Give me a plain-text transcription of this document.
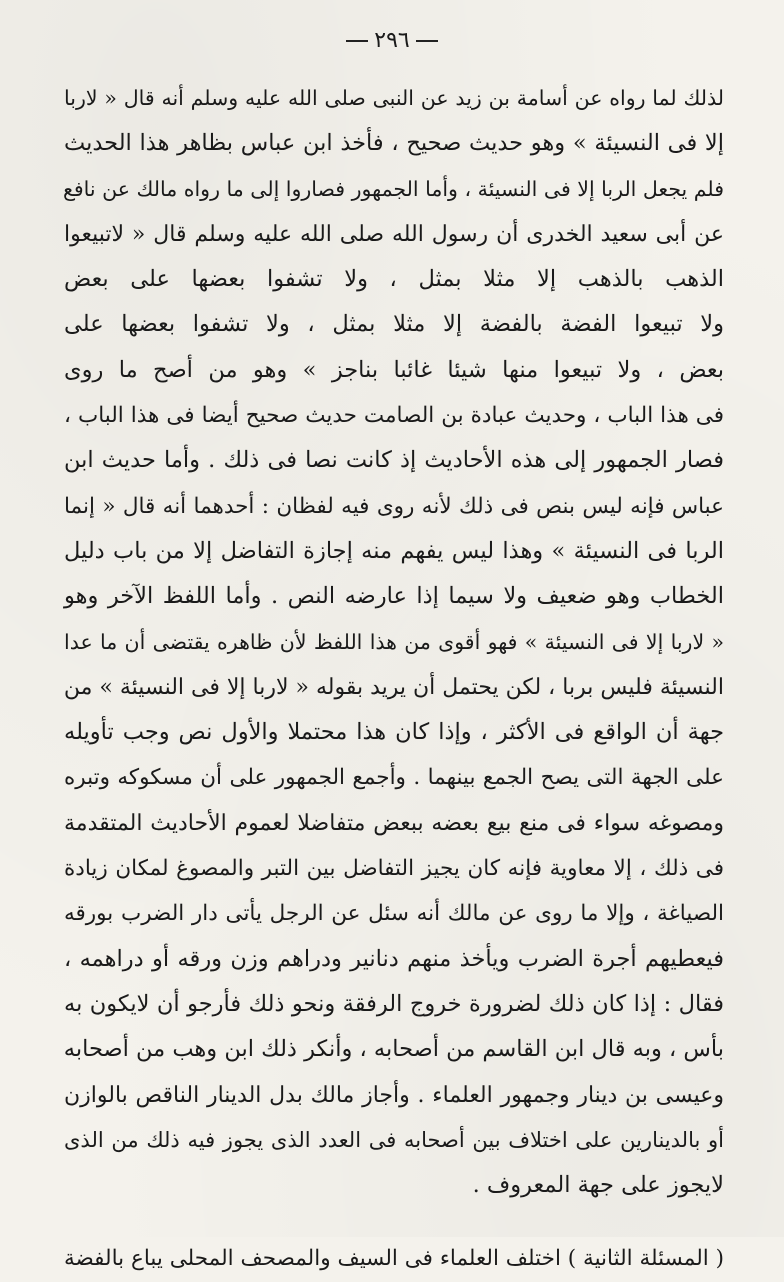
٢٩٦
لذلك لما رواه عن أسامة بن زيد عن النبى صلى الله عليه وسلم أنه قال « لاربا
إلا فى النسيئة » وهو حديث صحيح ، فأخذ ابن عباس بظاهر هذا الحديث
فلم يجعل الربا إلا فى النسيئة ، وأما الجمهور فصاروا إلى ما رواه مالك عن نافع
عن أبى سعيد الخدرى أن رسول الله صلى الله عليه وسلم قال « لاتبيعوا
الذهب بالذهب إلا مثلا بمثل ، ولا تشفوا بعضها على بعض
ولا تبيعوا الفضة بالفضة إلا مثلا بمثل ، ولا تشفوا بعضها على
بعض ، ولا تبيعوا منها شيئا غائبا بناجز » وهو من أصح ما روى
فى هذا الباب ، وحديث عبادة بن الصامت حديث صحيح أيضا فى هذا الباب ،
فصار الجمهور إلى هذه الأحاديث إذ كانت نصا فى ذلك . وأما حديث ابن
عباس فإنه ليس بنص فى ذلك لأنه روى فيه لفظان : أحدهما أنه قال « إنما
الربا فى النسيئة » وهذا ليس يفهم منه إجازة التفاضل إلا من باب دليل
الخطاب وهو ضعيف ولا سيما إذا عارضه النص . وأما اللفظ الآخر وهو
« لاربا إلا فى النسيئة » فهو أقوى من هذا اللفظ لأن ظاهره يقتضى أن ما عدا
النسيئة فليس بربا ، لكن يحتمل أن يريد بقوله « لاربا إلا فى النسيئة » من
جهة أن الواقع فى الأكثر ، وإذا كان هذا محتملا والأول نص وجب تأويله
على الجهة التى يصح الجمع بينهما . وأجمع الجمهور على أن مسكوكه وتبره
ومصوغه سواء فى منع بيع بعضه ببعض متفاضلا لعموم الأحاديث المتقدمة
فى ذلك ، إلا معاوية فإنه كان يجيز التفاضل بين التبر والمصوغ لمكان زيادة
الصياغة ، وإلا ما روى عن مالك أنه سئل عن الرجل يأتى دار الضرب بورقه
فيعطيهم أجرة الضرب ويأخذ منهم دنانير ودراهم وزن ورقه أو دراهمه ،
فقال : إذا كان ذلك لضرورة خروج الرفقة ونحو ذلك فأرجو أن لايكون به
بأس ، وبه قال ابن القاسم من أصحابه ، وأنكر ذلك ابن وهب من أصحابه
وعيسى بن دينار وجمهور العلماء . وأجاز مالك بدل الدينار الناقص بالوازن
أو بالدينارين على اختلاف بين أصحابه فى العدد الذى يجوز فيه ذلك من الذى
لايجوز على جهة المعروف .
( المسئلة الثانية ) اختلف العلماء فى السيف والمصحف المحلى يباع بالفضة
